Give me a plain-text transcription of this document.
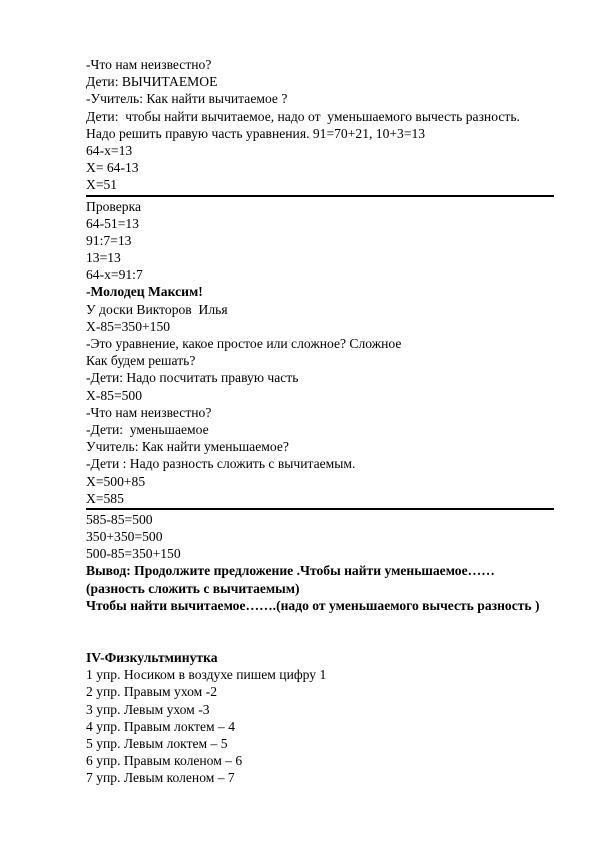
-Что нам неизвестно?
Дети: ВЫЧИТАЕМОЕ
-Учитель: Как найти вычитаемое ?
Дети:  чтобы найти вычитаемое, надо от  уменьшаемого вычесть разность.
Надо решить правую часть уравнения. 91=70+21, 10+3=13
64-х=13
Х= 64-13
Х=51
Проверка
64-51=13
91:7=13
13=13
64-х=91:7
-Молодец Максим!
У доски Викторов  Илья
Х-85=350+150
-Это уравнение, какое простое или сложное? Сложное
Как будем решать?
-Дети: Надо посчитать правую часть
Х-85=500
-Что нам неизвестно?
-Дети:  уменьшаемое
Учитель: Как найти уменьшаемое?
-Дети : Надо разность сложить с вычитаемым.
Х=500+85
Х=585
585-85=500
350+350=500
500-85=350+150
Вывод: Продолжите предложение .Чтобы найти уменьшаемое……
(разность сложить с вычитаемым)
Чтобы найти вычитаемое…….(надо от уменьшаемого вычесть разность )
IV-Физкультминутка
1 упр. Носиком в воздухе пишем цифру 1
2 упр. Правым ухом -2
3 упр. Левым ухом -3
4 упр. Правым локтем – 4
5 упр. Левым локтем – 5
6 упр. Правым коленом – 6
7 упр. Левым коленом – 7
